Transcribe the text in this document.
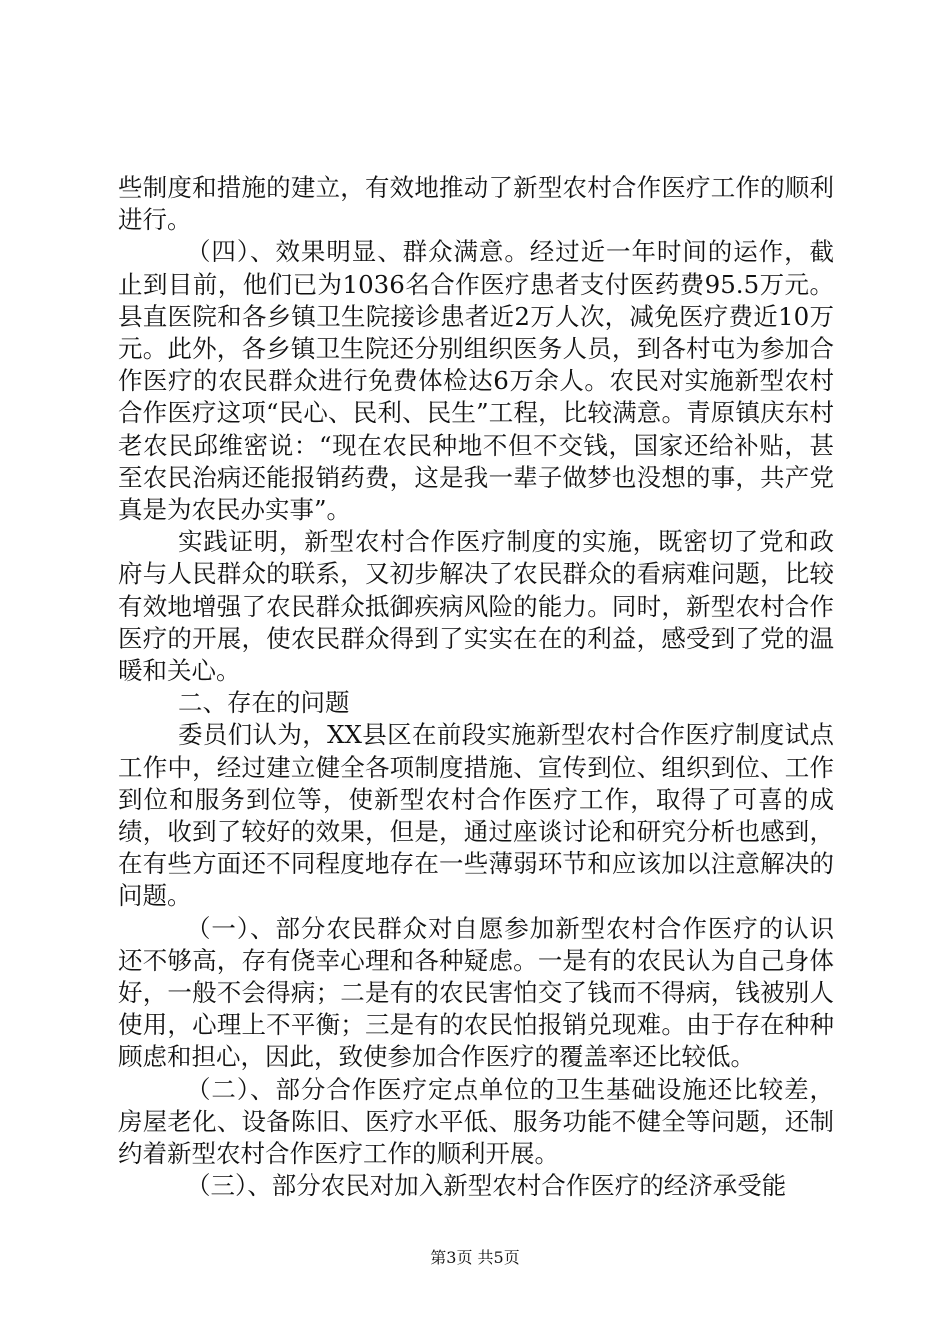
些制度和措施的建立，有效地推动了新型农村合作医疗工作的顺利进行。

（四）、效果明显、群众满意。经过近一年时间的运作，截止到目前，他们已为1036名合作医疗患者支付医药费95.5万元。县直医院和各乡镇卫生院接诊患者近2万人次，减免医疗费近10万元。此外，各乡镇卫生院还分别组织医务人员，到各村屯为参加合作医疗的农民群众进行免费体检达6万余人。农民对实施新型农村合作医疗这项“民心、民利、民生”工程，比较满意。青原镇庆东村老农民邱维密说：“现在农民种地不但不交钱，国家还给补贴，甚至农民治病还能报销药费，这是我一辈子做梦也没想的事，共产党真是为农民办实事”。

实践证明，新型农村合作医疗制度的实施，既密切了党和政府与人民群众的联系，又初步解决了农民群众的看病难问题，比较有效地增强了农民群众抵御疾病风险的能力。同时，新型农村合作医疗的开展，使农民群众得到了实实在在的利益，感受到了党的温暖和关心。

二、存在的问题

委员们认为，XX县区在前段实施新型农村合作医疗制度试点工作中，经过建立健全各项制度措施、宣传到位、组织到位、工作到位和服务到位等，使新型农村合作医疗工作，取得了可喜的成绩，收到了较好的效果，但是，通过座谈讨论和研究分析也感到，在有些方面还不同程度地存在一些薄弱环节和应该加以注意解决的问题。

（一）、部分农民群众对自愿参加新型农村合作医疗的认识还不够高，存有侥幸心理和各种疑虑。一是有的农民认为自己身体好，一般不会得病；二是有的农民害怕交了钱而不得病，钱被别人使用，心理上不平衡；三是有的农民怕报销兑现难。由于存在种种顾虑和担心，因此，致使参加合作医疗的覆盖率还比较低。

（二）、部分合作医疗定点单位的卫生基础设施还比较差，房屋老化、设备陈旧、医疗水平低、服务功能不健全等问题，还制约着新型农村合作医疗工作的顺利开展。

（三）、部分农民对加入新型农村合作医疗的经济承受能

第3页 共5页
